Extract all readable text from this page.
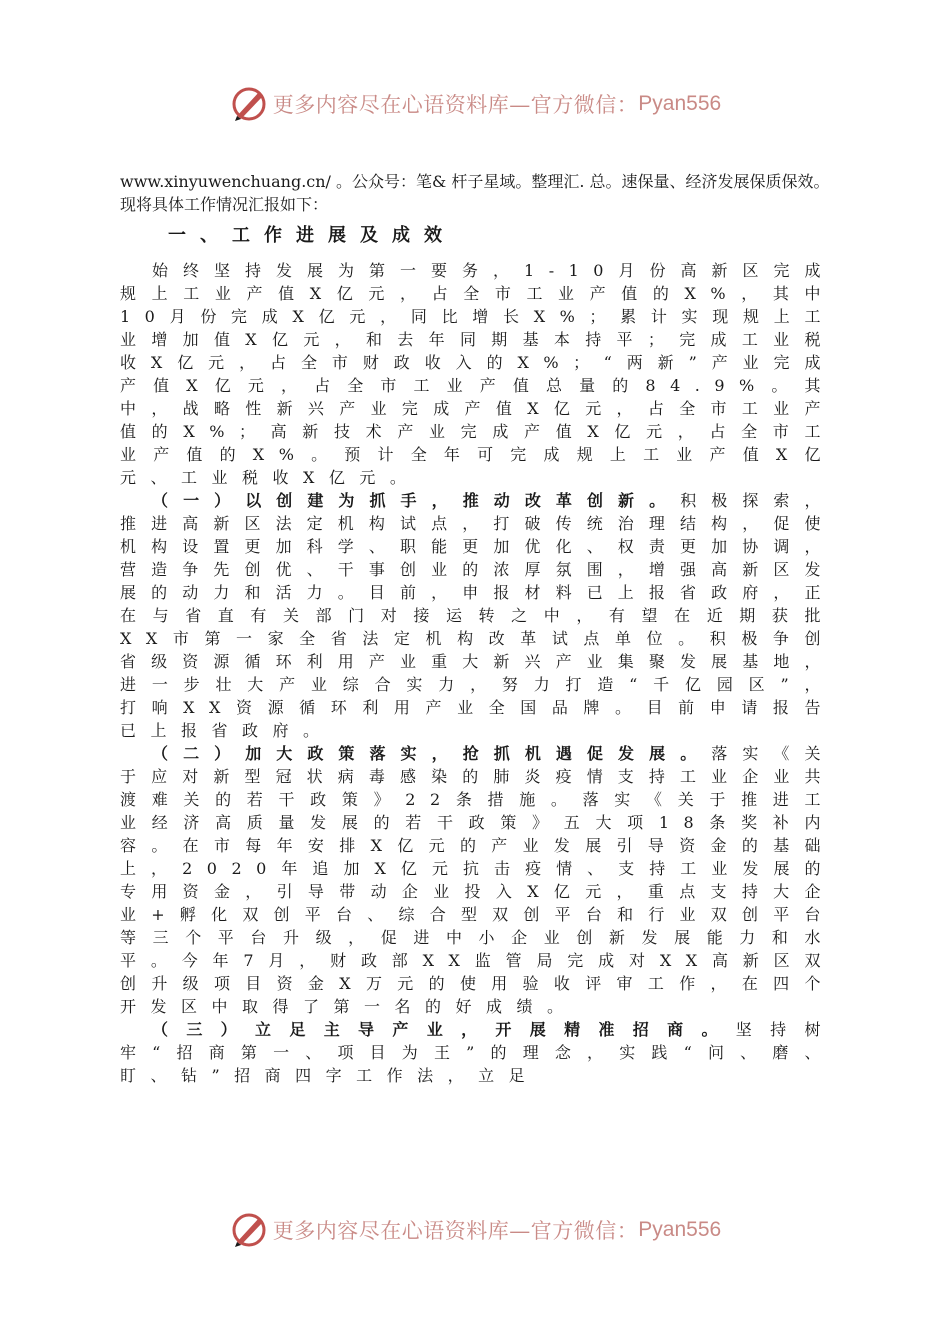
更多内容尽在心语资料库—官方微信： Pyan556

www.xinyuwenchuang.cn/ 。公众号：笔& 杆子星域。整理汇. 总。速保量、经济发展保质保效。现将具体工作情况汇报如下：

一、工作进展及成效

始终坚持发展为第一要务，1-10月份高新区完成规上工业产值X亿元，占全市工业产值的X%，其中10月份完成X亿元，同比增长X%；累计实现规上工业增加值X亿元，和去年同期基本持平；完成工业税收X亿元，占全市财政收入的X%；“两新”产业完成产值X亿元，占全市工业产值总量的84.9%。其中，战略性新兴产业完成产值X亿元，占全市工业产值的X%；高新技术产业完成产值X亿元，占全市工业产值的X%。预计全年可完成规上工业产值X亿元、工业税收X亿元。

（一）以创建为抓手，推动改革创新。积极探索，推进高新区法定机构试点，打破传统治理结构，促使机构设置更加科学、职能更加优化、权责更加协调，营造争先创优、干事创业的浓厚氛围，增强高新区发展的动力和活力。目前，申报材料已上报省政府，正在与省直有关部门对接运转之中，有望在近期获批XX市第一家全省法定机构改革试点单位。积极争创省级资源循环利用产业重大新兴产业集聚发展基地，进一步壮大产业综合实力，努力打造“千亿园区”，打响XX资源循环利用产业全国品牌。目前申请报告已上报省政府。

（二）加大政策落实，抢抓机遇促发展。落实《关于应对新型冠状病毒感染的肺炎疫情支持工业企业共渡难关的若干政策》22条措施。落实《关于推进工业经济高质量发展的若干政策》五大项18条奖补内容。在市每年安排X亿元的产业发展引导资金的基础上，2020年追加X亿元抗击疫情、支持工业发展的专用资金，引导带动企业投入X亿元，重点支持大企业+孵化双创平台、综合型双创平台和行业双创平台等三个平台升级，促进中小企业创新发展能力和水平。今年7月，财政部XX监管局完成对XX高新区双创升级项目资金X万元的使用验收评审工作，在四个开发区中取得了第一名的好成绩。

（三）立足主导产业，开展精准招商。坚持树牢“招商第一、项目为王”的理念，实践“问、磨、盯、钻”招商四字工作法，立足

更多内容尽在心语资料库—官方微信： Pyan556
